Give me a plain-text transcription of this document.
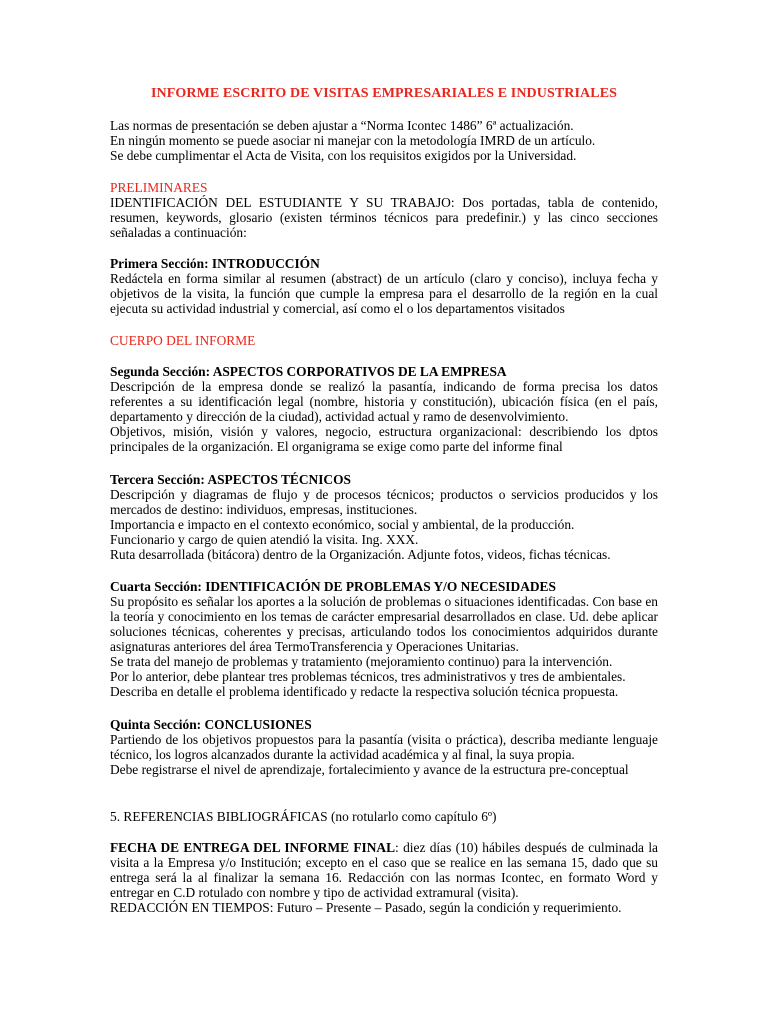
INFORME ESCRITO DE VISITAS EMPRESARIALES E INDUSTRIALES
Las normas de presentación se deben ajustar a “Norma Icontec 1486” 6ª actualización.
En ningún momento se puede asociar ni manejar con la metodología IMRD de un artículo.
Se debe cumplimentar el Acta de Visita, con los requisitos exigidos por la Universidad.
PRELIMINARES

IDENTIFICACIÓN DEL ESTUDIANTE Y SU TRABAJO: Dos portadas, tabla de contenido, resumen, keywords, glosario (existen términos técnicos para predefinir.) y las cinco secciones señaladas a continuación:

Primera Sección: INTRODUCCIÓN

Redáctela en forma similar al resumen (abstract) de un artículo (claro y conciso), incluya fecha y objetivos de la visita, la función que cumple la empresa para el desarrollo de la región en la cual ejecuta su actividad industrial y comercial, así como el o los departamentos visitados

CUERPO DEL INFORME
Segunda Sección: ASPECTOS CORPORATIVOS DE LA EMPRESA

Descripción de la empresa donde se realizó la pasantía, indicando de forma precisa los datos referentes a su identificación legal (nombre, historia y constitución), ubicación física (en el país, departamento y dirección de la ciudad), actividad actual y ramo de desenvolvimiento.

Objetivos, misión, visión y valores, negocio, estructura organizacional: describiendo los dptos principales de la organización. El organigrama se exige como parte del informe final

Tercera Sección: ASPECTOS TÉCNICOS

Descripción y diagramas de flujo y de procesos técnicos; productos o servicios producidos y los mercados de destino: individuos, empresas, instituciones.

Importancia e impacto en el contexto económico, social y ambiental, de la producción.

Funcionario y cargo de quien atendió la visita. Ing. XXX.

Ruta desarrollada (bitácora) dentro de la Organización. Adjunte fotos, videos, fichas técnicas.

Cuarta Sección: IDENTIFICACIÓN DE PROBLEMAS Y/O NECESIDADES

Su propósito es señalar los aportes a la solución de problemas o situaciones identificadas. Con base en la teoría y conocimiento en los temas de carácter empresarial desarrollados en clase. Ud. debe aplicar soluciones técnicas, coherentes y precisas, articulando todos los conocimientos adquiridos durante asignaturas anteriores del área TermoTransferencia y Operaciones Unitarias.

Se trata del manejo de problemas y tratamiento (mejoramiento continuo) para la intervención.

Por lo anterior, debe plantear tres problemas técnicos, tres administrativos y tres de ambientales.

Describa en detalle el problema identificado y redacte la respectiva solución técnica propuesta.

Quinta Sección: CONCLUSIONES

Partiendo de los objetivos propuestos para la pasantía (visita o práctica), describa mediante lenguaje técnico, los logros alcanzados durante la actividad académica y al final, la suya propia.

Debe registrarse el nivel de aprendizaje, fortalecimiento y avance de la estructura pre-conceptual

5. REFERENCIAS BIBLIOGRÁFICAS (no rotularlo como capítulo 6º)

FECHA DE ENTREGA DEL INFORME FINAL: diez días (10) hábiles después de culminada la visita a la Empresa y/o Institución; excepto en el caso que se realice en las semana 15, dado que su entrega será la al finalizar la semana 16. Redacción con las normas Icontec, en formato Word y entregar en C.D rotulado con nombre y tipo de actividad extramural (visita).

REDACCIÓN EN TIEMPOS: Futuro – Presente – Pasado, según la condición y requerimiento.
